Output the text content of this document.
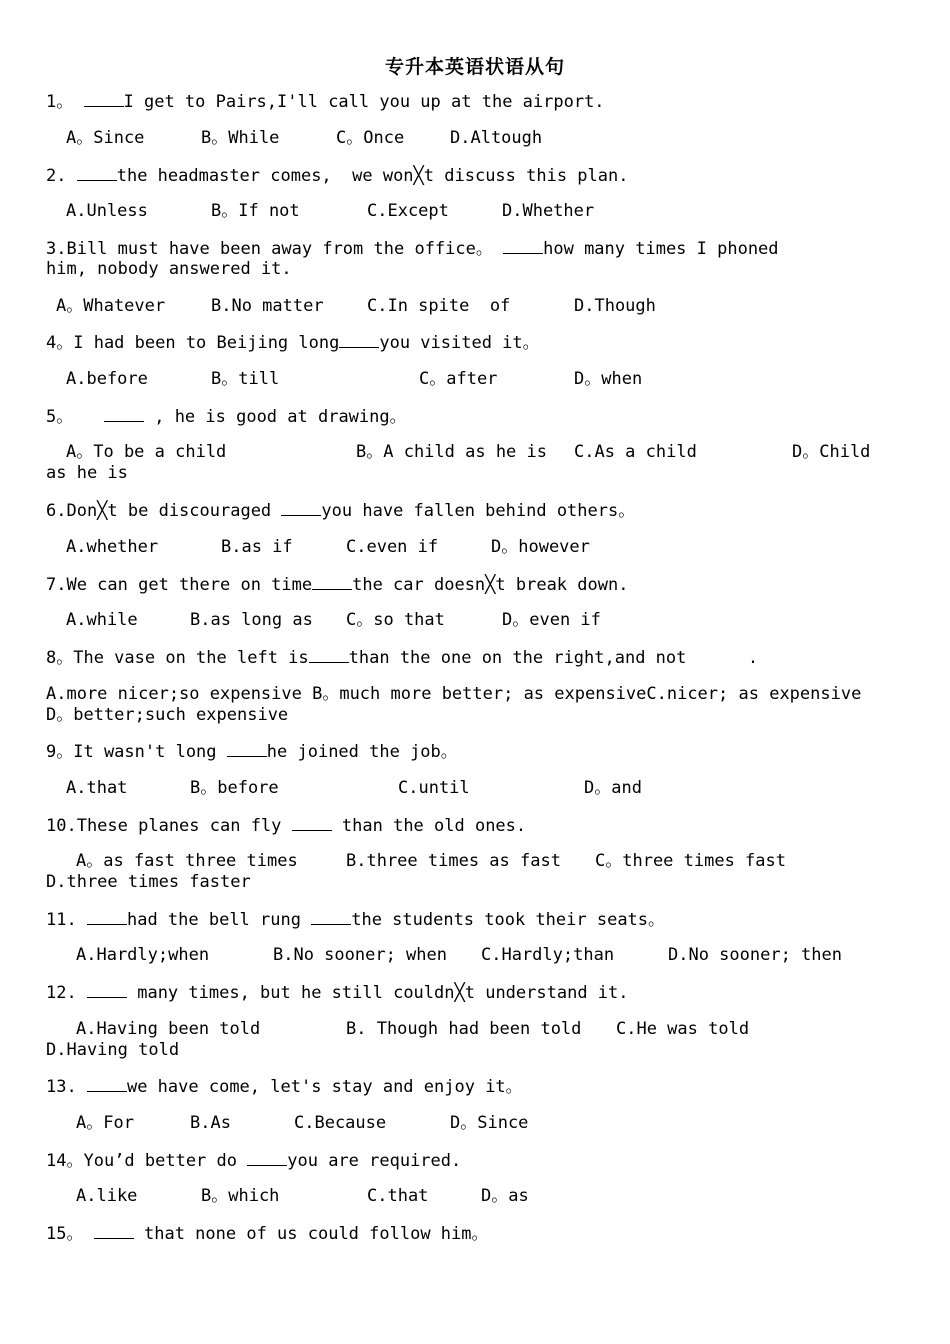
专升本英语状语从句
1。	I get to Pairs,I'll call you up at the airport.
A。Since	B。While	C。Once	D.Altough
2.	the headmaster comes,  we won╳t discuss this plan.
A.Unless	B。If not	C.Except	D.Whether
3.Bill must have been away from the office。	how many times I phoned
him, nobody answered it.
A。Whatever	B.No matter	C.In spite  of	D.Though
4。I had been to Beijing long you visited it。
A.before	B。till	C。after	D。when
5。	, he is good at drawing。
A。To be a child	B。A child as he is C.As a child	D。Child
as he is
6.Don╳t be discouraged	you have fallen behind others。
A.whether	B.as if	C.even if	D。however
7.We can get there on time the car doesn╳t break down.
A.while	B.as long as C。so that	D。even if
8。The vase on the left is than the one on the right,and not	.
A.more nicer;so expensive B。much more better; as expensiveC.nicer; as expensive
D。better;such expensive
9。It wasn't long	he joined the job。
A.that	B。before	C.until	D。and
10.These planes can fly	than the old ones.
A。as fast three times	B.three times as fast C。three times fast
D.three times faster
11.	had the bell rung	the students took their seats。
A.Hardly;when	B.No sooner; when C.Hardly;than	D.No sooner; then
12.	many times, but he still couldn╳t understand it.
A.Having been told	B. Though had been told C.He was told
D.Having told
13.	we have come, let's stay and enjoy it。
A。For	B.As	C.Because	D。Since
14。You’d better do	you are required.
A.like	B。which	C.that	D。as
15。	that none of us could follow him。
